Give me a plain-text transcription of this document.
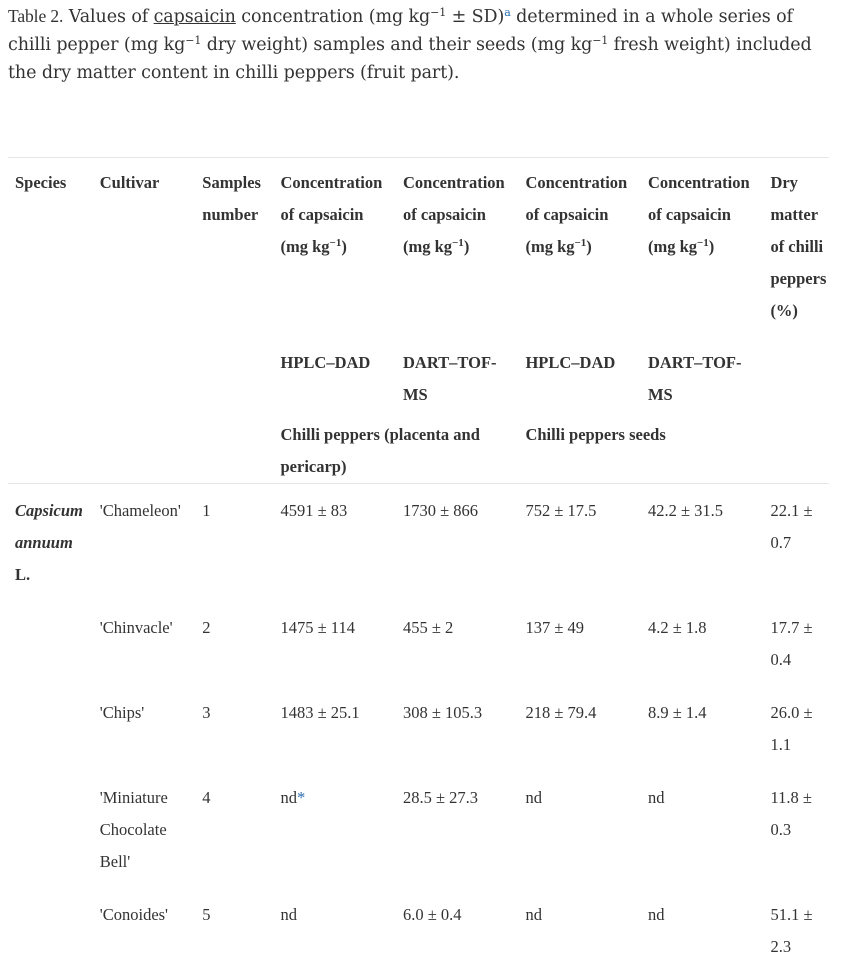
Table 2. Values of capsaicin concentration (mg $kg^{-1} \pm SD)^a$ determined in a whole series of chilli pepper (mg $kg^{-1}$ dry weight) samples and their seeds (mg $kg^{-1}$ fresh weight) included the dry matter content in chilli peppers (fruit part).
Species	Cultivar	Samples number	Concentration of capsaicin (mg $kg^{-1}$)	Concentration of capsaicin (mg $kg^{-1}$)	Concentration of capsaicin (mg $kg^{-1}$)	Concentration of capsaicin (mg $kg^{-1}$)	Dry matter of chilli peppers (%)
			HPLC–DAD	DART–TOF-MS	HPLC–DAD	DART–TOF-MS	
			Chilli peppers (placenta and pericarp)		Chilli peppers seeds		
Capsicum annuum L.	'Chameleon'	1	4591 ± 83	1730 ± 866	752 ± 17.5	42.2 ± 31.5	22.1 ± 0.7
	'Chinvacle'	2	1475 ± 114	455 ± 2	137 ± 49	4.2 ± 1.8	17.7 ± 0.4
	'Chips'	3	1483 ± 25.1	308 ± 105.3	218 ± 79.4	8.9 ± 1.4	26.0 ± 1.1
	'Miniature Chocolate Bell'	4	nd*	28.5 ± 27.3	nd	nd	11.8 ± 0.3
	'Conoides'	5	nd	6.0 ± 0.4	nd	nd	51.1 ± 2.3
